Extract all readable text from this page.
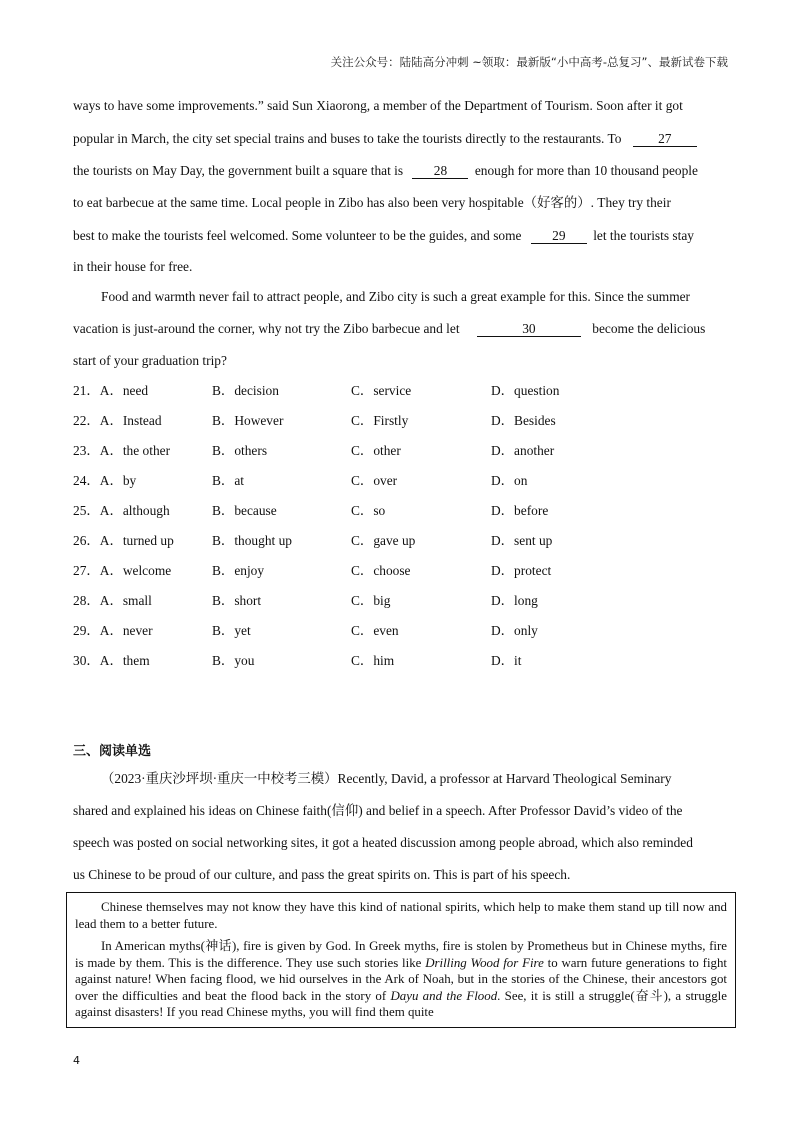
关注公众号：陆陆高分冲刺 ~领取：最新版“小中高考-总复习”、最新试卷下载
ways to have some improvements.” said Sun Xiaorong, a member of the Department of Tourism. Soon after it got
popular in March, the city set special trains and buses to take the tourists directly to the restaurants. To	27
the tourists on May Day, the government built a square that is 28 enough for more than 10 thousand people
to eat barbecue at the same time. Local people in Zibo has also been very hospitable（好客的）. They try their
best to make the tourists feel welcomed. Some volunteer to be the guides, and some 29 let the tourists stay
in their house for free.
Food and warmth never fail to attract people, and Zibo city is such a great example for this. Since the summer
vacation is just-around the corner, why not try the Zibo barbecue and let	30	become the delicious
start of your graduation trip?
21．A．need	B．decision	C．service	D．question
22．A．Instead	B．However	C．Firstly	D．Besides
23．A．the other	B．others	C．other	D．another
24．A．by	B．at	C．over	D．on
25．A．although	B．because	C．so	D．before
26．A．turned up	B．thought up	C．gave up	D．sent up
27．A．welcome	B．enjoy	C．choose	D．protect
28．A．small	B．short	C．big	D．long
29．A．never	B．yet	C．even	D．only
30．A．them	B．you	C．him	D．it
三、阅读单选
（2023·重庆沙坪坝·重庆一中校考三模）Recently, David, a professor at Harvard Theological Seminary
shared and explained his ideas on Chinese faith(信仰) and belief in a speech. After Professor David’s video of the
speech was posted on social networking sites, it got a heated discussion among people abroad, which also reminded
us Chinese to be proud of our culture, and pass the great spirits on. This is part of his speech.

Chinese themselves may not know they have this kind of national spirits, which help to make them stand up till now and lead them to a better future.

In American myths(神话), fire is given by God. In Greek myths, fire is stolen by Prometheus but in Chinese myths, fire is made by them. This is the difference. They use such stories like Drilling Wood for Fire to warn future generations to fight against nature! When facing flood, we hid ourselves in the Ark of Noah, but in the stories of the Chinese, their ancestors got over the difficulties and beat the flood back in the story of Dayu and the Flood. See, it is still a struggle(奋斗), a struggle against disasters! If you read Chinese myths, you will find them quite

4
